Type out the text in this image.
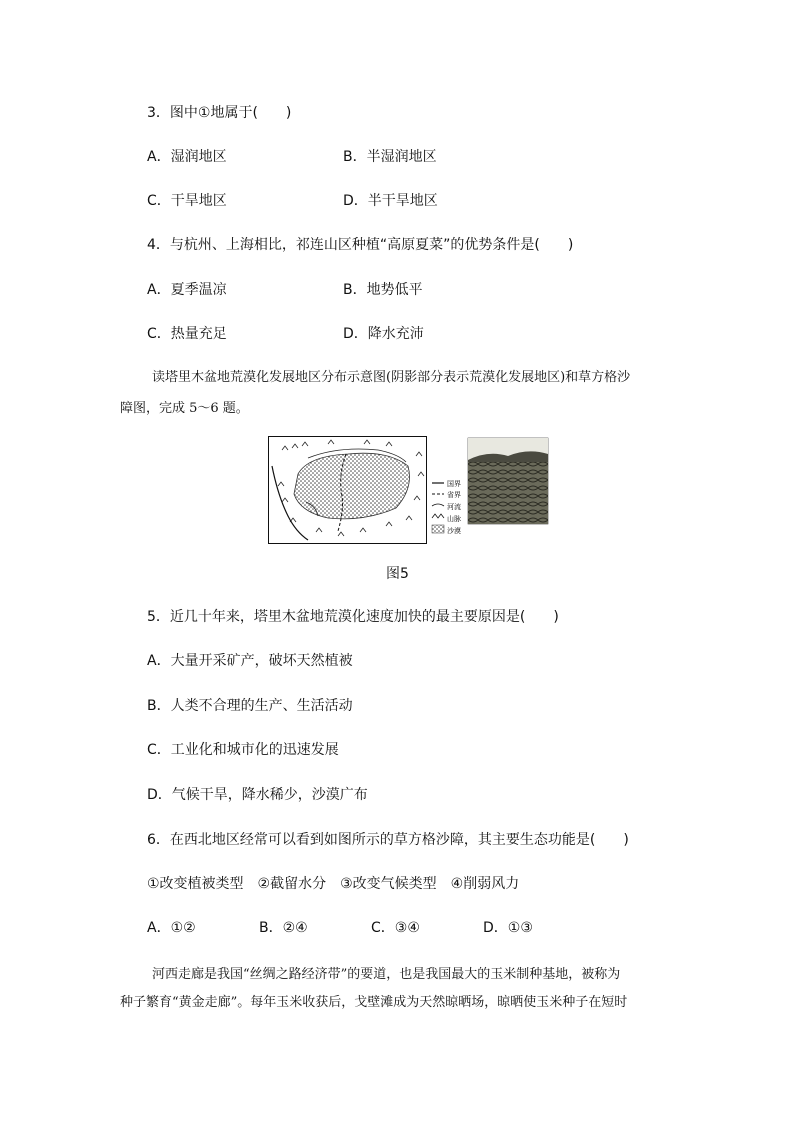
3．图中①地属于(　　)
A．湿润地区	B．半湿润地区
C．干旱地区	D．半干旱地区
4．与杭州、上海相比，祁连山区种植“高原夏菜”的优势条件是(　　)
A．夏季温凉	B．地势低平
C．热量充足	D．降水充沛
读塔里木盆地荒漠化发展地区分布示意图(阴影部分表示荒漠化发展地区)和草方格沙
障图，完成 5～6 题。
国界
省界
河流
山脉
沙漠
图5
5．近几十年来，塔里木盆地荒漠化速度加快的最主要原因是(　　)
A．大量开采矿产，破坏天然植被
B．人类不合理的生产、生活活动
C．工业化和城市化的迅速发展
D．气候干旱，降水稀少，沙漠广布
6．在西北地区经常可以看到如图所示的草方格沙障，其主要生态功能是(　　)
①改变植被类型　②截留水分　③改变气候类型　④削弱风力
A．①②	B．②④	C．③④	D．①③
河西走廊是我国“丝绸之路经济带”的要道，也是我国最大的玉米制种基地，被称为
种子繁育“黄金走廊”。每年玉米收获后，戈壁滩成为天然晾晒场，晾晒使玉米种子在短时
